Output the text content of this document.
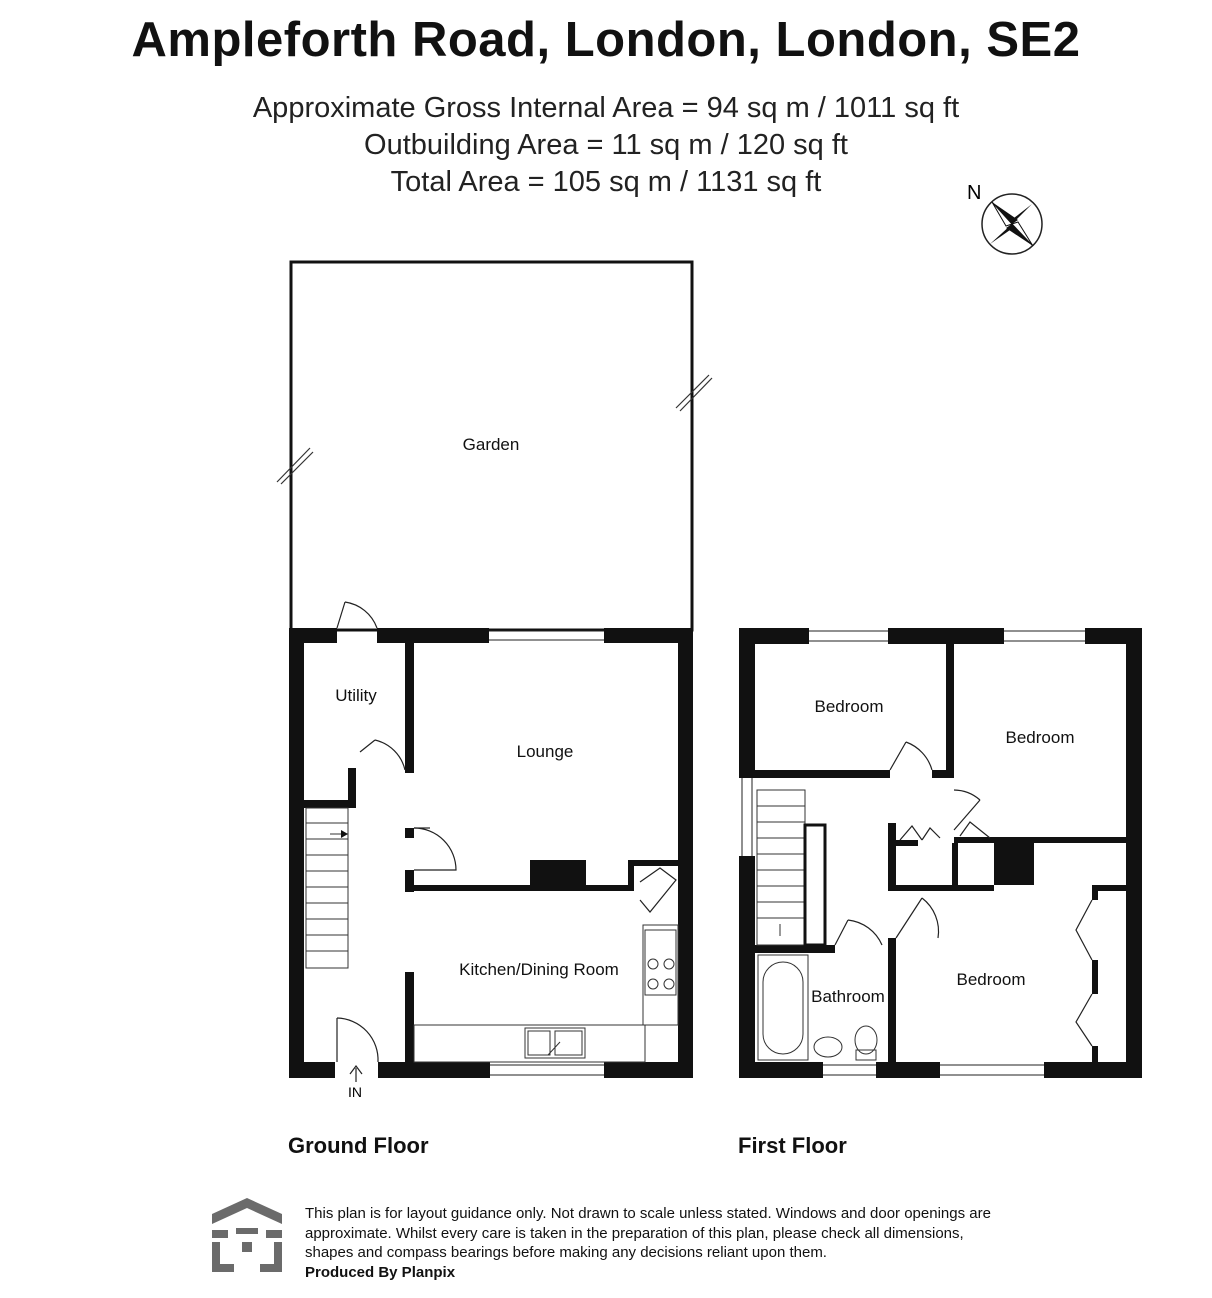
Ampleforth Road, London, London, SE2
Approximate Gross Internal Area = 94 sq m / 1011 sq ft
Outbuilding Area = 11 sq m / 120 sq ft
Total Area = 105 sq m / 1131 sq ft	N
Garden
Utility
Lounge
Kitchen/Dining Room
IN
Bedroom
Bedroom
Bedroom
Bathroom
Ground Floor	First Floor
This plan is for layout guidance only. Not drawn to scale unless stated. Windows and door openings are approximate. Whilst every care is taken in the preparation of this plan, please check all dimensions, shapes and compass bearings before making any decisions reliant upon them.
Produced By Planpix
